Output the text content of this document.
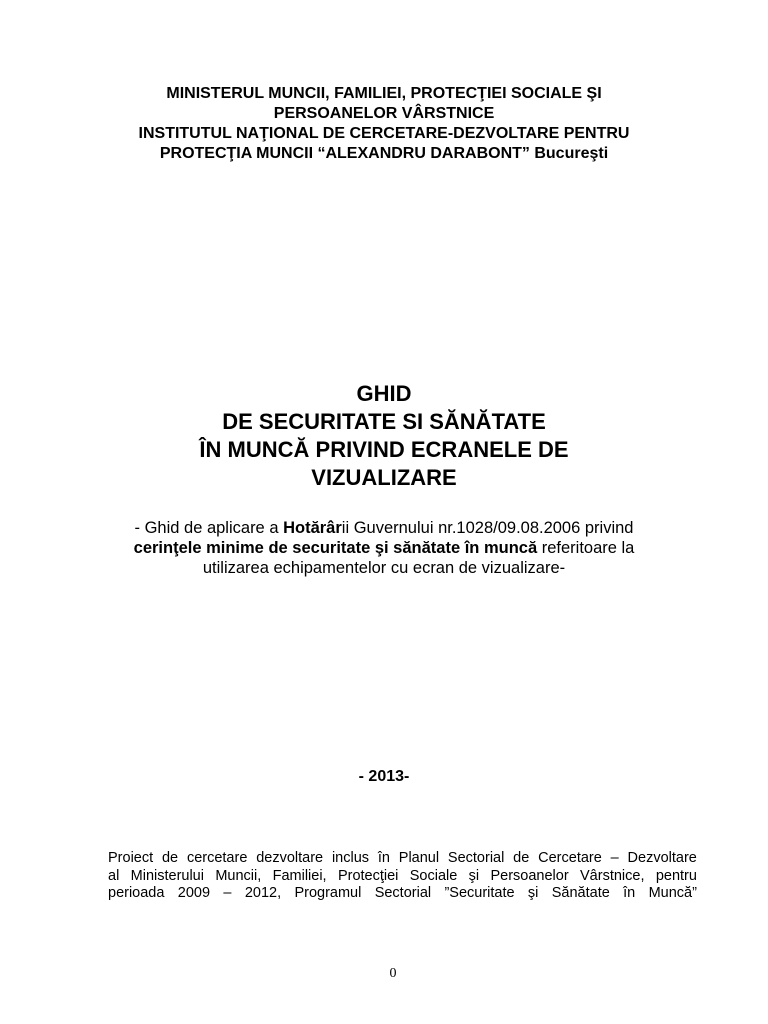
MINISTERUL MUNCII, FAMILIEI, PROTECŢIEI SOCIALE ŞI
PERSOANELOR VÂRSTNICE
INSTITUTUL NAŢIONAL DE CERCETARE-DEZVOLTARE PENTRU
PROTECŢIA MUNCII “ALEXANDRU DARABONT” Bucureşti
GHID
DE SECURITATE SI SĂNĂTATE
ÎN MUNCĂ PRIVIND ECRANELE DE
VIZUALIZARE
- Ghid de aplicare a Hotărârii Guvernului nr.1028/09.08.2006 privind
cerinţele minime de securitate şi sănătate în muncă referitoare la
utilizarea echipamentelor cu ecran de vizualizare-
- 2013-
Proiect de cercetare dezvoltare inclus în Planul Sectorial de Cercetare – Dezvoltare
al Ministerului Muncii, Familiei, Protecţiei Sociale şi Persoanelor Vârstnice, pentru
perioada 2009 – 2012, Programul Sectorial ”Securitate şi Sănătate în Muncă”
0
